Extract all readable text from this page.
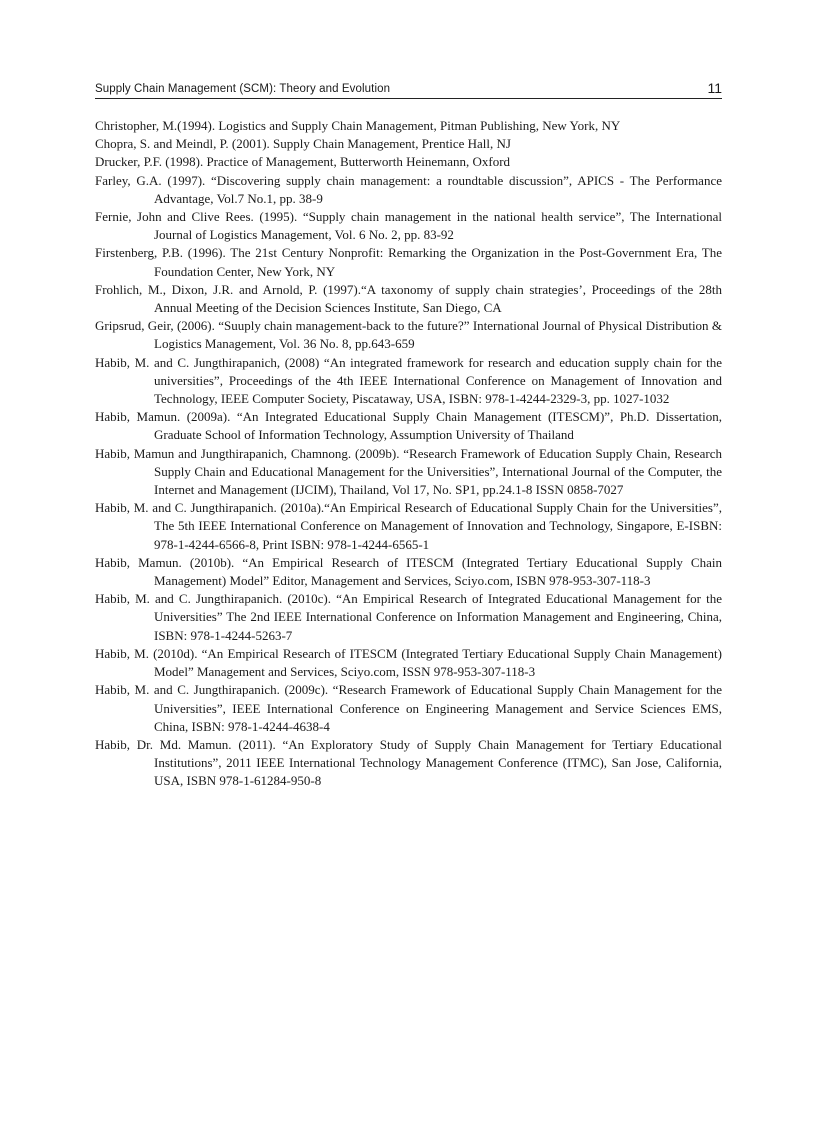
Supply Chain Management (SCM): Theory and Evolution	11
Christopher, M.(1994). Logistics and Supply Chain Management, Pitman Publishing, New York, NY
Chopra, S. and Meindl, P. (2001). Supply Chain Management, Prentice Hall, NJ
Drucker, P.F. (1998). Practice of Management, Butterworth Heinemann, Oxford
Farley, G.A. (1997). “Discovering supply chain management: a roundtable discussion”, APICS - The Performance Advantage, Vol.7 No.1, pp. 38-9
Fernie, John and Clive Rees. (1995). “Supply chain management in the national health service”, The International Journal of Logistics Management, Vol. 6 No. 2, pp. 83-92
Firstenberg, P.B. (1996). The 21st Century Nonprofit: Remarking the Organization in the Post-Government Era, The Foundation Center, New York, NY
Frohlich, M., Dixon, J.R. and Arnold, P. (1997).“A taxonomy of supply chain strategies’, Proceedings of the 28th Annual Meeting of the Decision Sciences Institute, San Diego, CA
Gripsrud, Geir, (2006). “Suuply chain management-back to the future?” International Journal of Physical Distribution & Logistics Management, Vol. 36 No. 8, pp.643-659
Habib, M. and C. Jungthirapanich, (2008) “An integrated framework for research and education supply chain for the universities”, Proceedings of the 4th IEEE International Conference on Management of Innovation and Technology, IEEE Computer Society, Piscataway, USA, ISBN: 978-1-4244-2329-3, pp. 1027-1032
Habib, Mamun. (2009a). “An Integrated Educational Supply Chain Management (ITESCM)”, Ph.D. Dissertation, Graduate School of Information Technology, Assumption University of Thailand
Habib, Mamun and Jungthirapanich, Chamnong. (2009b). “Research Framework of Education Supply Chain, Research Supply Chain and Educational Management for the Universities”, International Journal of the Computer, the Internet and Management (IJCIM), Thailand, Vol 17, No. SP1, pp.24.1-8 ISSN 0858-7027
Habib, M. and C. Jungthirapanich. (2010a).“An Empirical Research of Educational Supply Chain for the Universities”, The 5th IEEE International Conference on Management of Innovation and Technology, Singapore, E-ISBN: 978-1-4244-6566-8, Print ISBN: 978-1-4244-6565-1
Habib, Mamun. (2010b). “An Empirical Research of ITESCM (Integrated Tertiary Educational Supply Chain Management) Model” Editor, Management and Services, Sciyo.com, ISBN 978-953-307-118-3
Habib, M. and C. Jungthirapanich. (2010c). “An Empirical Research of Integrated Educational Management for the Universities” The 2nd IEEE International Conference on Information Management and Engineering, China, ISBN: 978-1-4244-5263-7
Habib, M. (2010d). “An Empirical Research of ITESCM (Integrated Tertiary Educational Supply Chain Management) Model” Management and Services, Sciyo.com, ISSN 978-953-307-118-3
Habib, M. and C. Jungthirapanich. (2009c). “Research Framework of Educational Supply Chain Management for the Universities”, IEEE International Conference on Engineering Management and Service Sciences EMS, China, ISBN: 978-1-4244-4638-4
Habib, Dr. Md. Mamun. (2011). “An Exploratory Study of Supply Chain Management for Tertiary Educational Institutions”, 2011 IEEE International Technology Management Conference (ITMC), San Jose, California, USA, ISBN 978-1-61284-950-8
